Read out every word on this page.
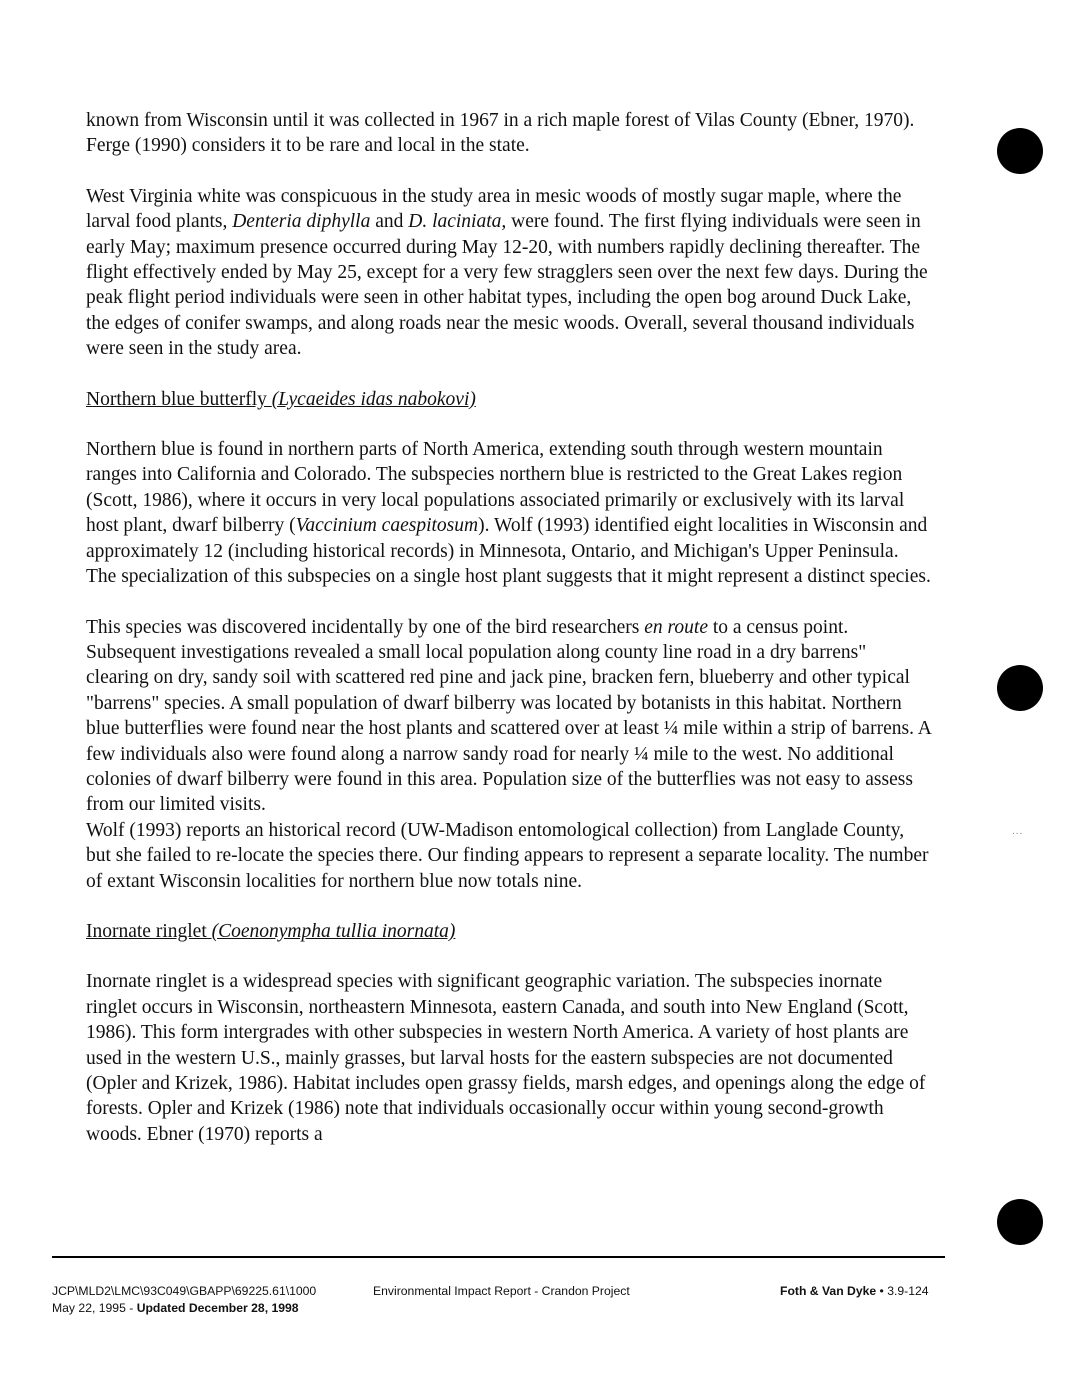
known from Wisconsin until it was collected in 1967 in a rich maple forest of Vilas County (Ebner, 1970). Ferge (1990) considers it to be rare and local in the state.

West Virginia white was conspicuous in the study area in mesic woods of mostly sugar maple, where the larval food plants, Denteria diphylla and D. laciniata, were found. The first flying individuals were seen in early May; maximum presence occurred during May 12-20, with numbers rapidly declining thereafter. The flight effectively ended by May 25, except for a very few stragglers seen over the next few days. During the peak flight period individuals were seen in other habitat types, including the open bog around Duck Lake, the edges of conifer swamps, and along roads near the mesic woods. Overall, several thousand individuals were seen in the study area.

Northern blue butterfly (Lycaeides idas nabokovi)

Northern blue is found in northern parts of North America, extending south through western mountain ranges into California and Colorado. The subspecies northern blue is restricted to the Great Lakes region (Scott, 1986), where it occurs in very local populations associated primarily or exclusively with its larval host plant, dwarf bilberry (Vaccinium caespitosum). Wolf (1993) identified eight localities in Wisconsin and approximately 12 (including historical records) in Minnesota, Ontario, and Michigan's Upper Peninsula. The specialization of this subspecies on a single host plant suggests that it might represent a distinct species.

This species was discovered incidentally by one of the bird researchers en route to a census point. Subsequent investigations revealed a small local population along county line road in a dry barrens" clearing on dry, sandy soil with scattered red pine and jack pine, bracken fern, blueberry and other typical "barrens" species. A small population of dwarf bilberry was located by botanists in this habitat. Northern blue butterflies were found near the host plants and scattered over at least ¼ mile within a strip of barrens. A few individuals also were found along a narrow sandy road for nearly ¼ mile to the west. No additional colonies of dwarf bilberry were found in this area. Population size of the butterflies was not easy to assess from our limited visits.

Wolf (1993) reports an historical record (UW-Madison entomological collection) from Langlade County, but she failed to re-locate the species there. Our finding appears to represent a separate locality. The number of extant Wisconsin localities for northern blue now totals nine.

Inornate ringlet (Coenonympha tullia inornata)

Inornate ringlet is a widespread species with significant geographic variation. The subspecies inornate ringlet occurs in Wisconsin, northeastern Minnesota, eastern Canada, and south into New England (Scott, 1986). This form intergrades with other subspecies in western North America. A variety of host plants are used in the western U.S., mainly grasses, but larval hosts for the eastern subspecies are not documented (Opler and Krizek, 1986). Habitat includes open grassy fields, marsh edges, and openings along the edge of forests. Opler and Krizek (1986) note that individuals occasionally occur within young second-growth woods. Ebner (1970) reports a

...
JCP\MLD2\LMC\93C049\GBAPP\69225.61\1000
May 22, 1995 - Updated December 28, 1998
Environmental Impact Report - Crandon Project	Foth & Van Dyke • 3.9-124
